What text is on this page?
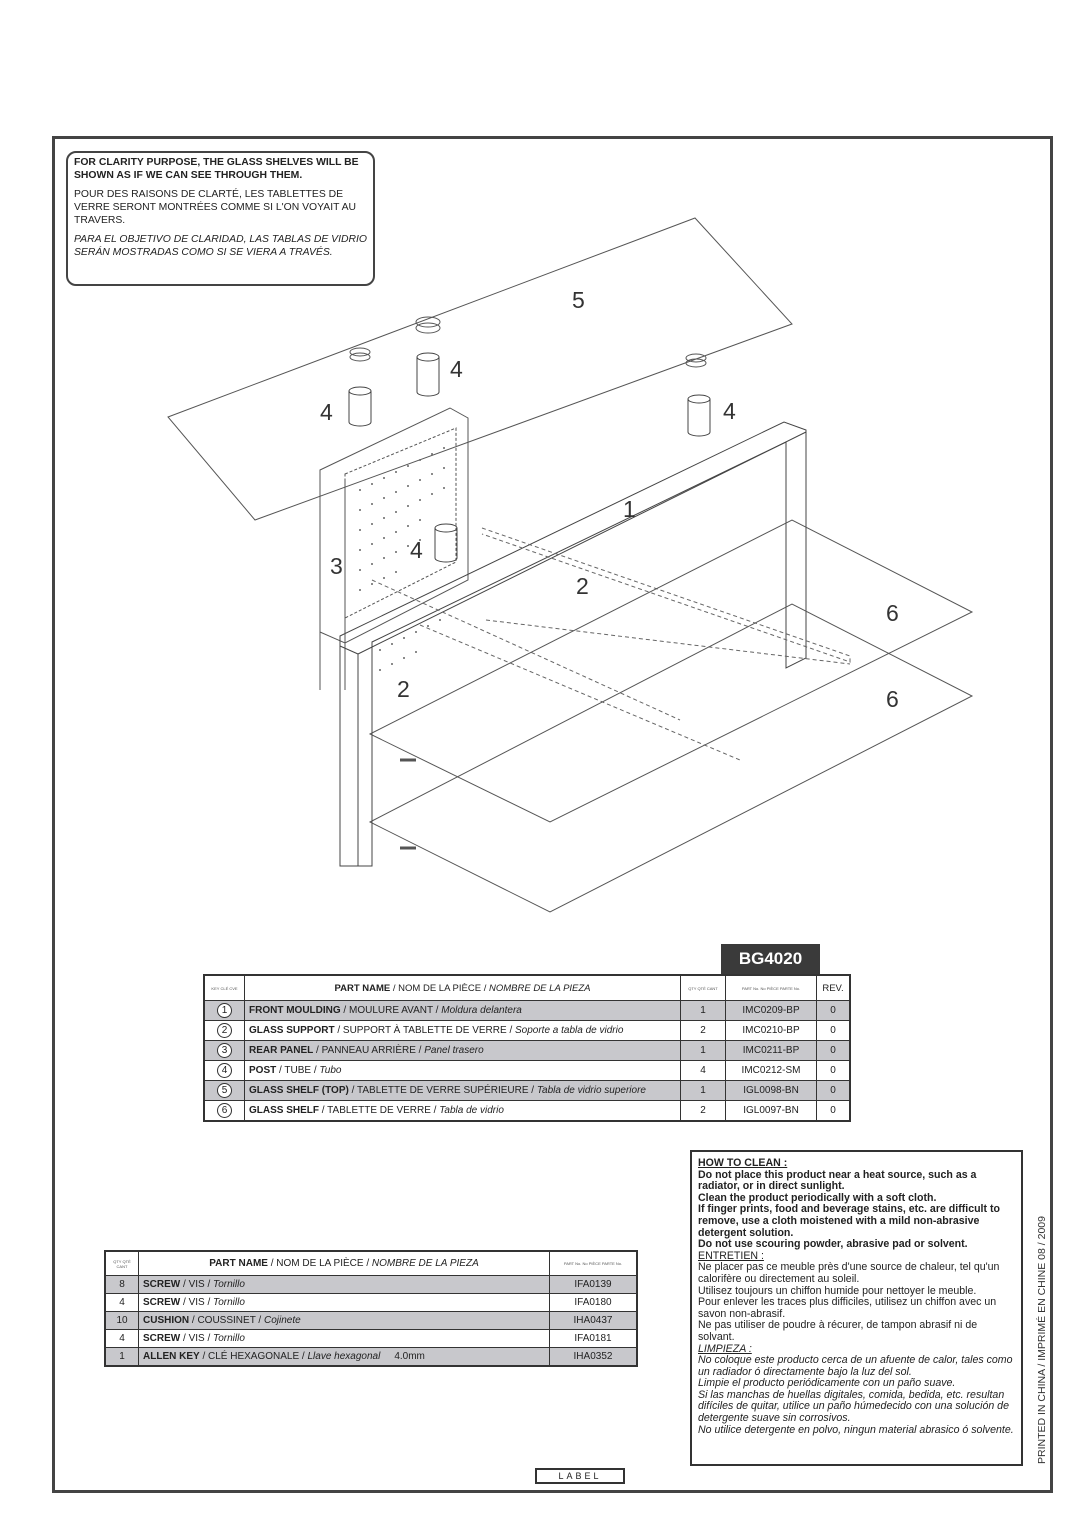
5
4
4	4
4
1
3
2
2
6
6

FOR CLARITY PURPOSE, THE GLASS SHELVES WILL BE SHOWN AS IF WE CAN SEE THROUGH THEM.

POUR DES RAISONS DE CLARTÉ, LES TABLETTES DE VERRE SERONT MONTRÉES COMME SI L'ON VOYAIT AU TRAVERS.

PARA EL OBJETIVO DE CLARIDAD, LAS TABLAS DE VIDRIO SERÁN MOSTRADAS COMO SI SE VIERA A TRAVÉS.

BG4020
KEY CLÉ CVE	PART NAME / NOM DE LA PIÈCE / NOMBRE DE LA PIEZA	QTY QTÉ CANT	PART No. No PIÈCE PARTE No.	REV.
1	FRONT MOULDING / MOULURE AVANT / Moldura delantera	1	IMC0209-BP	0
2	GLASS SUPPORT / SUPPORT À TABLETTE DE VERRE / Soporte a tabla de vidrio	2	IMC0210-BP	0
3	REAR PANEL / PANNEAU ARRIÈRE / Panel trasero	1	IMC0211-BP	0
4	POST / TUBE / Tubo	4	IMC0212-SM	0
5	GLASS SHELF (TOP) / TABLETTE DE VERRE SUPÉRIEURE / Tabla de vidrio superiore	1	IGL0098-BN	0
6	GLASS SHELF / TABLETTE DE VERRE / Tabla de vidrio	2	IGL0097-BN	0
QTY QTÉ CANT	PART NAME / NOM DE LA PIÈCE / NOMBRE DE LA PIEZA	PART No. No PIÈCE PARTE No.

8	SCREW / VIS / Tornillo	IFA0139
4	SCREW / VIS / Tornillo	IFA0180
10	CUSHION / COUSSINET / Cojinete	IHA0437
4	SCREW / VIS / Tornillo	IFA0181
1	ALLEN KEY / CLÉ HEXAGONALE / Llave hexagonal 4.0mm	IHA0352
HOW TO CLEAN :
Do not place this product near a heat source, such as a radiator, or in direct sunlight.
Clean the product periodically with a soft cloth.
If finger prints, food and beverage stains, etc. are difficult to remove, use a cloth moistened with a mild non-abrasive detergent solution.
Do not use scouring powder, abrasive pad or solvent.
ENTRETIEN :
Ne placer pas ce meuble près d'une source de chaleur, tel qu'un calorifère ou directement au soleil.
Utilisez toujours un chiffon humide pour nettoyer le meuble.
Pour enlever les traces plus difficiles, utilisez un chiffon avec un savon non-abrasif.
Ne pas utiliser de poudre à récurer, de tampon abrasif ni de solvant.
LIMPIEZA :
No coloque este producto cerca de un afuente de calor, tales como un radiador ó directamente bajo la luz del sol.
Limpie el producto periódicamente con un paño suave.
Si las manchas de huellas digitales, comida, bedida, etc. resultan difíciles de quitar, utilice un paño húmedecido con una solución de detergente suave sin corrosivos.
No utilice detergente en polvo, ningun material abrasico ó solvente. PRINTED IN CHINA / IMPRIMÉ EN CHINE 08 / 2009
LABEL
